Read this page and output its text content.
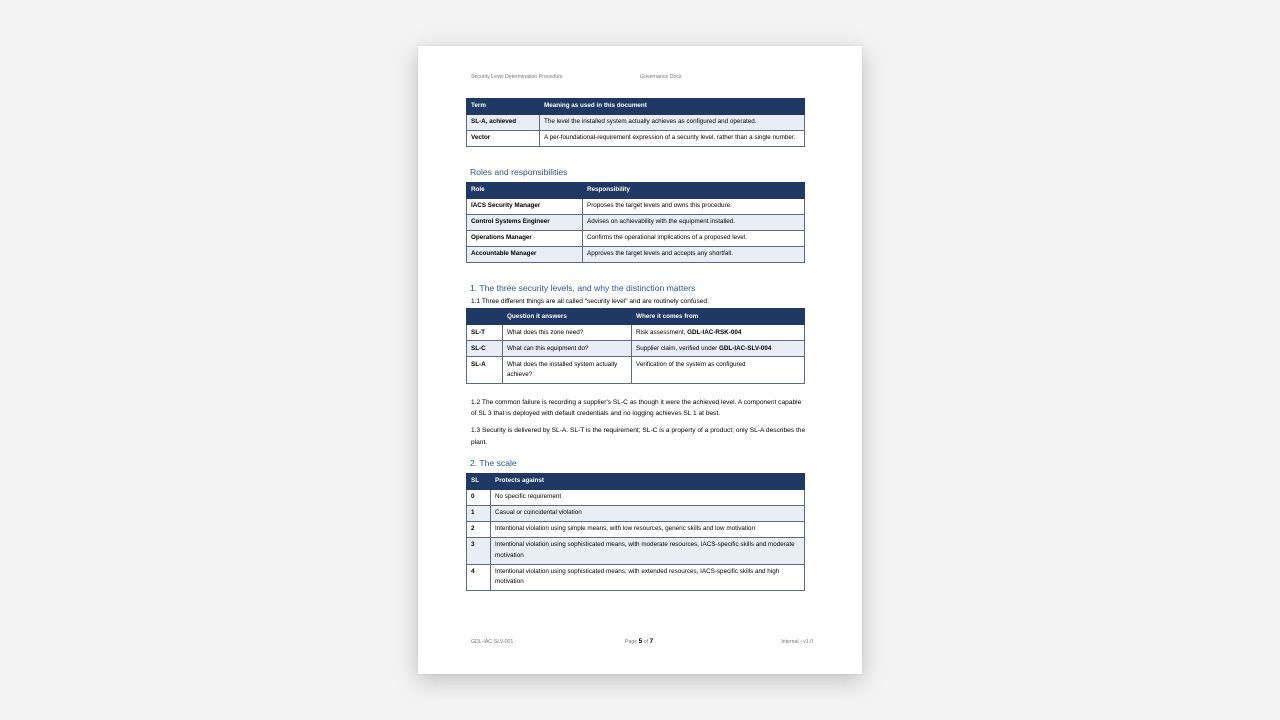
Security Level Determination Procedure	Governance Docs
Term	Meaning as used in this document
SL-A, achieved	The level the installed system actually achieves as configured and operated.
Vector	A per-foundational-requirement expression of a security level, rather than a single number.
Roles and responsibilities
Role	Responsibility
IACS Security Manager	Proposes the target levels and owns this procedure.
Control Systems Engineer	Advises on achievability with the equipment installed.
Operations Manager	Confirms the operational implications of a proposed level.
Accountable Manager	Approves the target levels and accepts any shortfall.
1. The three security levels, and why the distinction matters

1.1 Three different things are all called "security level" and are routinely confused:

	Question it answers	Where it comes from
SL-T	What does this zone need?	Risk assessment, GDL-IAC-RSK-004
SL-C	What can this equipment do?	Supplier claim, verified under GDL-IAC-SLV-004
SL-A	What does the installed system actually achieve?	Verification of the system as configured

1.2 The common failure is recording a supplier's SL-C as though it were the achieved level. A component capable of SL 3 that is deployed with default credentials and no logging achieves SL 1 at best.

1.3 Security is delivered by SL-A. SL-T is the requirement; SL-C is a property of a product; only SL-A describes the plant.

2. The scale
SL	Protects against
0	No specific requirement
1	Casual or coincidental violation
2	Intentional violation using simple means, with low resources, generic skills and low motivation
3	Intentional violation using sophisticated means, with moderate resources, IACS-specific skills and moderate motivation
4	Intentional violation using sophisticated means, with extended resources, IACS-specific skills and high motivation
GDL-IAC-SLV-001	Page 5 of 7	Internal - v1.0
